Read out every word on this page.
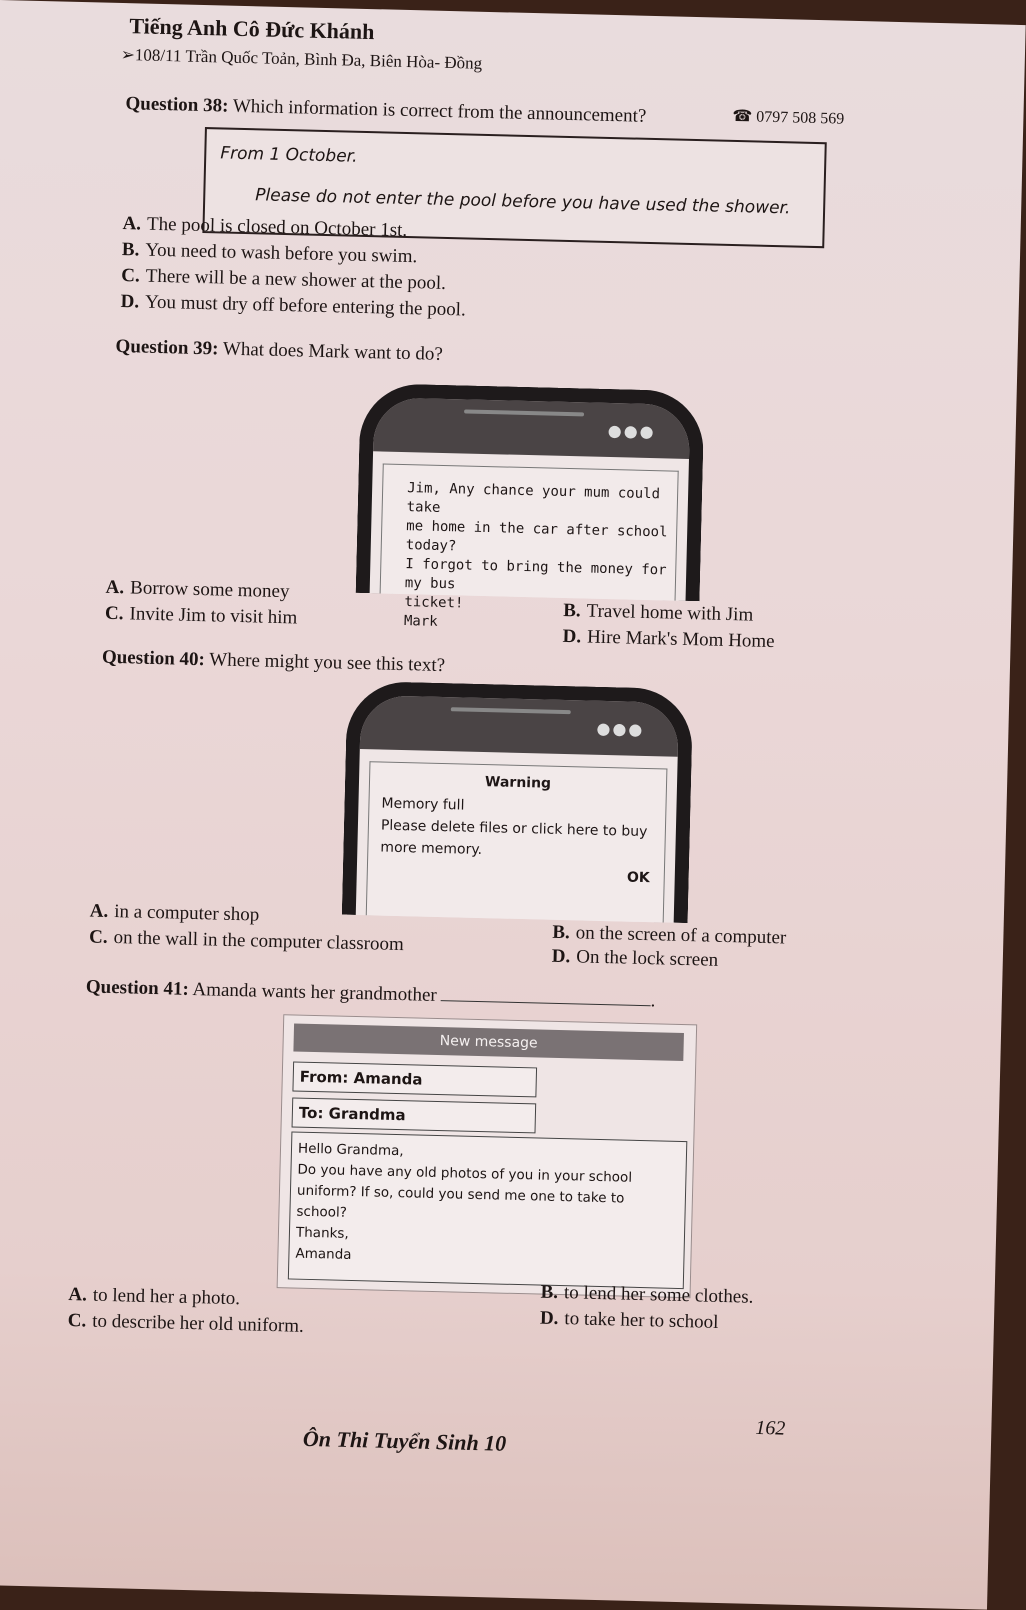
Tiếng Anh Cô Đức Khánh
➢108/11 Trần Quốc Toản, Bình Đa, Biên Hòa- Đồng
☎ 0797 508 569
Question 38: Which information is correct from the announcement?
From 1 October.
Please do not enter the pool before you have used the shower.
A. The pool is closed on October 1st.
B. You need to wash before you swim.
C. There will be a new shower at the pool.
D. You must dry off before entering the pool.
Question 39: What does Mark want to do?
●●●
Jim, Any chance your mum could take
me home in the car after school today?
I forgot to bring the money for my bus
ticket!
Mark
A. Borrow some money
B. Travel home with Jim
C. Invite Jim to visit him
D. Hire Mark's Mom Home
Question 40: Where might you see this text?
●●●
Warning
Memory full
Please delete files or click here to buy
more memory.
OK
A. in a computer shop
B. on the screen of a computer
C. on the wall in the computer classroom
D. On the lock screen
Question 41: Amanda wants her grandmother	.
New message
From: Amanda
To: Grandma
Hello Grandma,
Do you have any old photos of you in your school
uniform? If so, could you send me one to take to school?
Thanks,
Amanda
A. to lend her a photo.	B. to lend her some clothes.
C. to describe her old uniform.	D. to take her to school
Ôn Thi Tuyển Sinh 10	162
